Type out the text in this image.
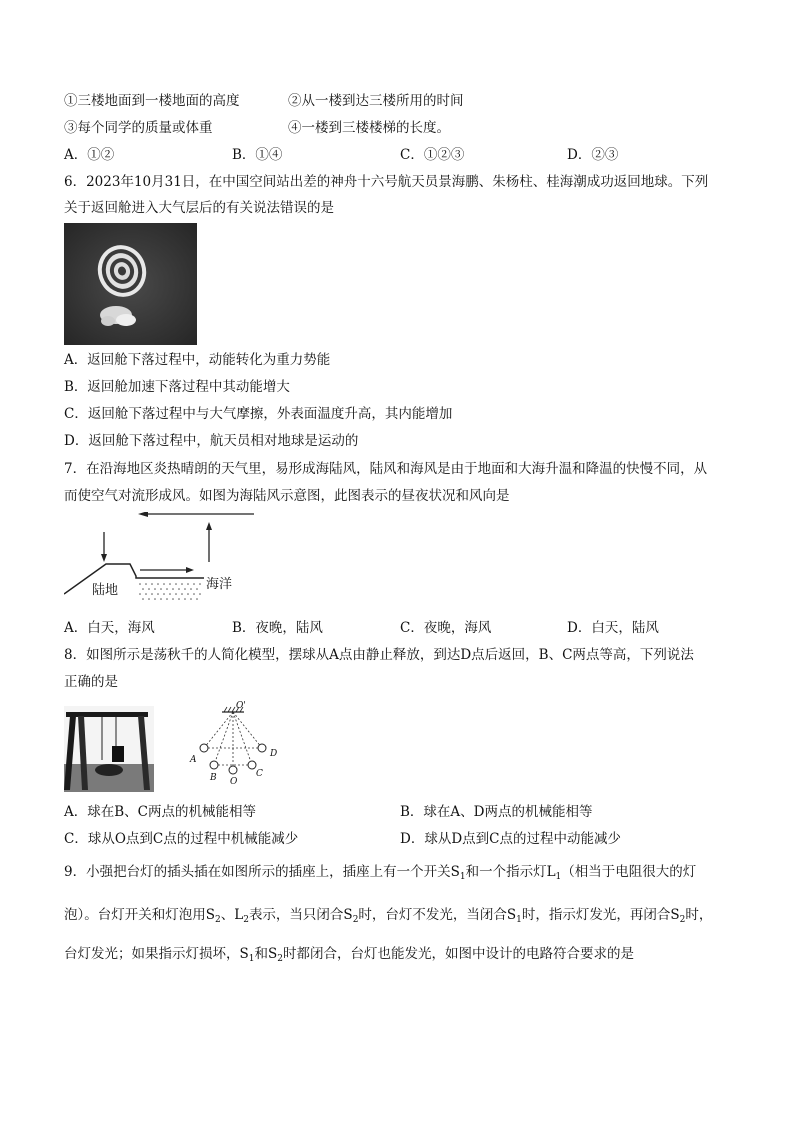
①三楼地面到一楼地面的高度	②从一楼到达三楼所用的时间
③每个同学的质量或体重	④一楼到三楼楼梯的长度。
A．①②	B．①④	C．①②③	D．②③
6．2023年10月31日，在中国空间站出差的神舟十六号航天员景海鹏、朱杨柱、桂海潮成功返回地球。下列
关于返回舱进入大气层后的有关说法错误的是
A．返回舱下落过程中，动能转化为重力势能
B．返回舱加速下落过程中其动能增大
C．返回舱下落过程中与大气摩擦，外表面温度升高，其内能增加
D．返回舱下落过程中，航天员相对地球是运动的
7．在沿海地区炎热晴朗的天气里，易形成海陆风，陆风和海风是由于地面和大海升温和降温的快慢不同，从
而使空气对流形成风。如图为海陆风示意图，此图表示的昼夜状况和风向是
陆地	海洋
A．白天，海风	B．夜晚，陆风	C．夜晚，海风	D．白天，陆风
8．如图所示是荡秋千的人简化模型，摆球从A点由静止释放，到达D点后返回，B、C两点等高，下列说法
正确的是
O'
A
B O
C
D
A．球在B、C两点的机械能相等	B．球在A、D两点的机械能相等
C．球从O点到C点的过程中机械能减少	D．球从D点到C点的过程中动能减少
9．小强把台灯的插头插在如图所示的插座上，插座上有一个开关$S_1$和一个指示灯$L_1$（相当于电阻很大的灯
泡）。台灯开关和灯泡用$S_2$、$L_2$表示，当只闭合$S_2$时，台灯不发光，当闭合$S_1$时，指示灯发光，再闭合$S_2$时，
台灯发光；如果指示灯损坏，$S_1$和$S_2$时都闭合，台灯也能发光，如图中设计的电路符合要求的是
